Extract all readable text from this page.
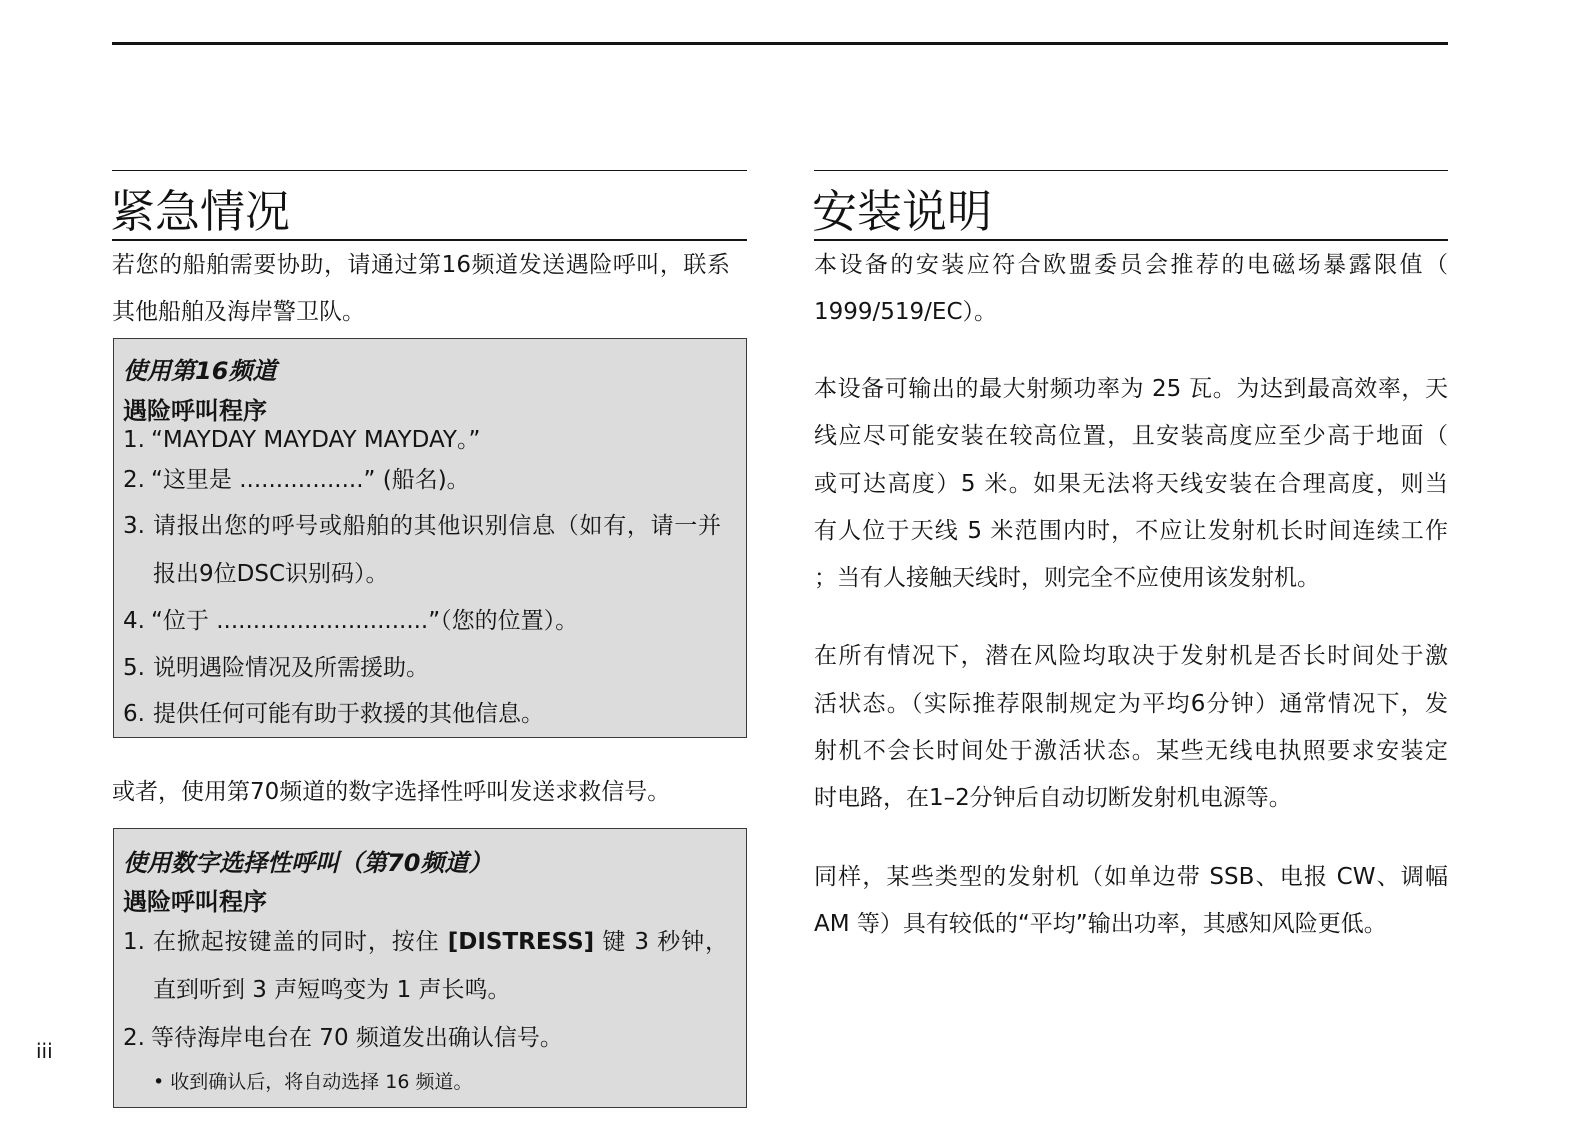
紧急情况
若您的船舶需要协助，请通过第16频道发送遇险呼叫，联系
其他船舶及海岸警卫队。
使用第16频道
遇险呼叫程序
1. “MAYDAY MAYDAY MAYDAY。”
2. “这里是 .................” (船名)。
3. 请报出您的呼号或船舶的其他识别信息（如有，请一并
报出9位DSC识别码）。
4. “位于 .............................”（您的位置）。
5. 说明遇险情况及所需援助。
6. 提供任何可能有助于救援的其他信息。
或者，使用第70频道的数字选择性呼叫发送求救信号。
使用数字选择性呼叫（第70频道）
遇险呼叫程序
1. 在掀起按键盖的同时，按住 [DISTRESS] 键 3 秒钟，
直到听到 3 声短鸣变为 1 声长鸣。
2. 等待海岸电台在 70 频道发出确认信号。
• 收到确认后，将自动选择 16 频道。
安装说明
本设备的安装应符合欧盟委员会推荐的电磁场暴露限值（
1999/519/EC）。
本设备可输出的最大射频功率为 25 瓦。为达到最高效率，天
线应尽可能安装在较高位置，且安装高度应至少高于地面（
或可达高度）5 米。如果无法将天线安装在合理高度，则当
有人位于天线 5 米范围内时，不应让发射机长时间连续工作
；当有人接触天线时，则完全不应使用该发射机。
在所有情况下，潜在风险均取决于发射机是否长时间处于激
活状态。（实际推荐限制规定为平均6分钟）通常情况下，发
射机不会长时间处于激活状态。某些无线电执照要求安装定
时电路，在1–2分钟后自动切断发射机电源等。
同样，某些类型的发射机（如单边带 SSB、电报 CW、调幅
AM 等）具有较低的“平均”输出功率，其感知风险更低。
iii
